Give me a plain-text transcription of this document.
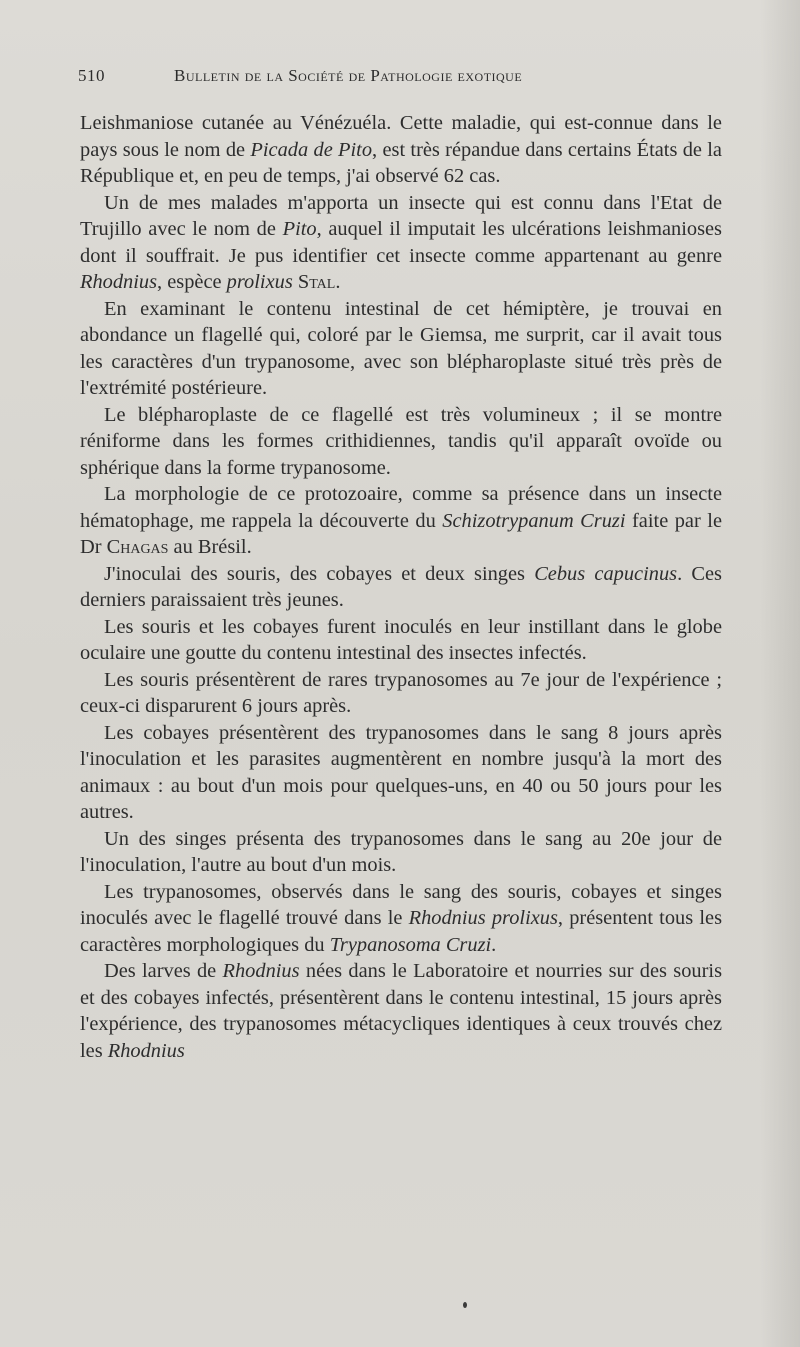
510	Bulletin de la Société de Pathologie exotique

Leishmaniose cutanée au Vénézuéla. Cette maladie, qui est-connue dans le pays sous le nom de Picada de Pito, est très répandue dans certains États de la République et, en peu de temps, j'ai observé 62 cas.

Un de mes malades m'apporta un insecte qui est connu dans l'Etat de Trujillo avec le nom de Pito, auquel il imputait les ulcérations leishmanioses dont il souffrait. Je pus identifier cet insecte comme appartenant au genre Rhodnius, espèce prolixus Stal.

En examinant le contenu intestinal de cet hémiptère, je trouvai en abondance un flagellé qui, coloré par le Giemsa, me surprit, car il avait tous les caractères d'un trypanosome, avec son blépharoplaste situé très près de l'extrémité postérieure.

Le blépharoplaste de ce flagellé est très volumineux ; il se montre réniforme dans les formes crithidiennes, tandis qu'il apparaît ovoïde ou sphérique dans la forme trypanosome.

La morphologie de ce protozoaire, comme sa présence dans un insecte hématophage, me rappela la découverte du Schizotrypanum Cruzi faite par le Dr Chagas au Brésil.

J'inoculai des souris, des cobayes et deux singes Cebus capucinus. Ces derniers paraissaient très jeunes.

Les souris et les cobayes furent inoculés en leur instillant dans le globe oculaire une goutte du contenu intestinal des insectes infectés.

Les souris présentèrent de rares trypanosomes au 7e jour de l'expérience ; ceux-ci disparurent 6 jours après.

Les cobayes présentèrent des trypanosomes dans le sang 8 jours après l'inoculation et les parasites augmentèrent en nombre jusqu'à la mort des animaux : au bout d'un mois pour quelques-uns, en 40 ou 50 jours pour les autres.

Un des singes présenta des trypanosomes dans le sang au 20e jour de l'inoculation, l'autre au bout d'un mois.

Les trypanosomes, observés dans le sang des souris, cobayes et singes inoculés avec le flagellé trouvé dans le Rhodnius prolixus, présentent tous les caractères morphologiques du Trypanosoma Cruzi.

Des larves de Rhodnius nées dans le Laboratoire et nourries sur des souris et des cobayes infectés, présentèrent dans le contenu intestinal, 15 jours après l'expérience, des trypanosomes métacycliques identiques à ceux trouvés chez les Rhodnius
